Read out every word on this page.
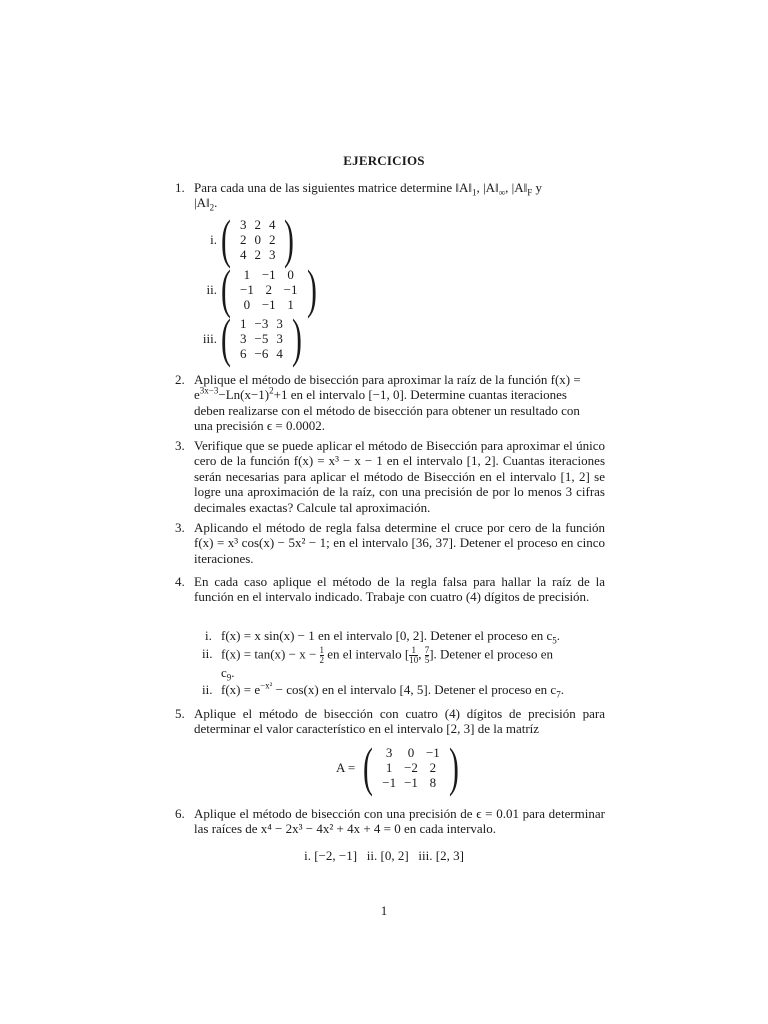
EJERCICIOS
1. Para cada una de las siguientes matrice determine $‖A‖_1$, $|A‖_\infty$, $|A‖_F$ y
$|A‖_2$.
i. ( 3	2	4
2	0	2
4	2	3 )
ii. ( 1	−1	0
−1	2	−1
0	−1	1 )
iii. ( 1	−3	3
3	−5	3
6	−6	4 )
2. Aplique el método de bisección para aproximar la raíz de la función f(x) =
$e^{3x-3}-Ln(x-1)^2+1$ en el intervalo [−1, 0]. Determine cuantas iteraciones
deben realizarse con el método de bisección para obtener un resultado con
una precisión ϵ = 0.0002.
3. Verifique que se puede aplicar el método de Bisección para aproximar el único cero de la función f(x) = x³ − x − 1 en el intervalo [1, 2]. Cuantas iteraciones serán necesarias para aplicar el método de Bisección en el intervalo [1, 2] se logre una aproximación de la raíz, con una precisión de por lo menos 3 cifras decimales exactas? Calcule tal aproximación.
3. Aplicando el método de regla falsa determine el cruce por cero de la función f(x) = x³ cos(x) − 5x² − 1; en el intervalo [36, 37]. Detener el proceso en cinco iteraciones.
4. En cada caso aplique el método de la regla falsa para hallar la raíz de la función en el intervalo indicado. Trabaje con cuatro (4) dígitos de precisión.
i. f(x) = x sin(x) − 1 en el intervalo [0, 2]. Detener el proceso en $c_5$.
ii. $f(x) = \tan(x) - x - \frac{1}{2}$ en el intervalo [ $\frac{1}{10}$ , $\frac{7}{5}$ ]. Detener el proceso en
$c_9$.
ii. $f(x) = e^{-x^2} - \cos(x)$ en el intervalo [4, 5]. Detener el proceso en $c_7$.
5. Aplique el método de bisección con cuatro (4) dígitos de precisión para determinar el valor característico en el intervalo [2, 3] de la matríz
A = ( 3	0	−1
1	−2	2
−1	−1	8 )
6. Aplique el método de bisección con una precisión de ϵ = 0.01 para determinar las raíces de x⁴ − 2x³ − 4x² + 4x + 4 = 0 en cada intervalo.
i. [−2, −1]   ii. [0, 2]   iii. [2, 3]
1
